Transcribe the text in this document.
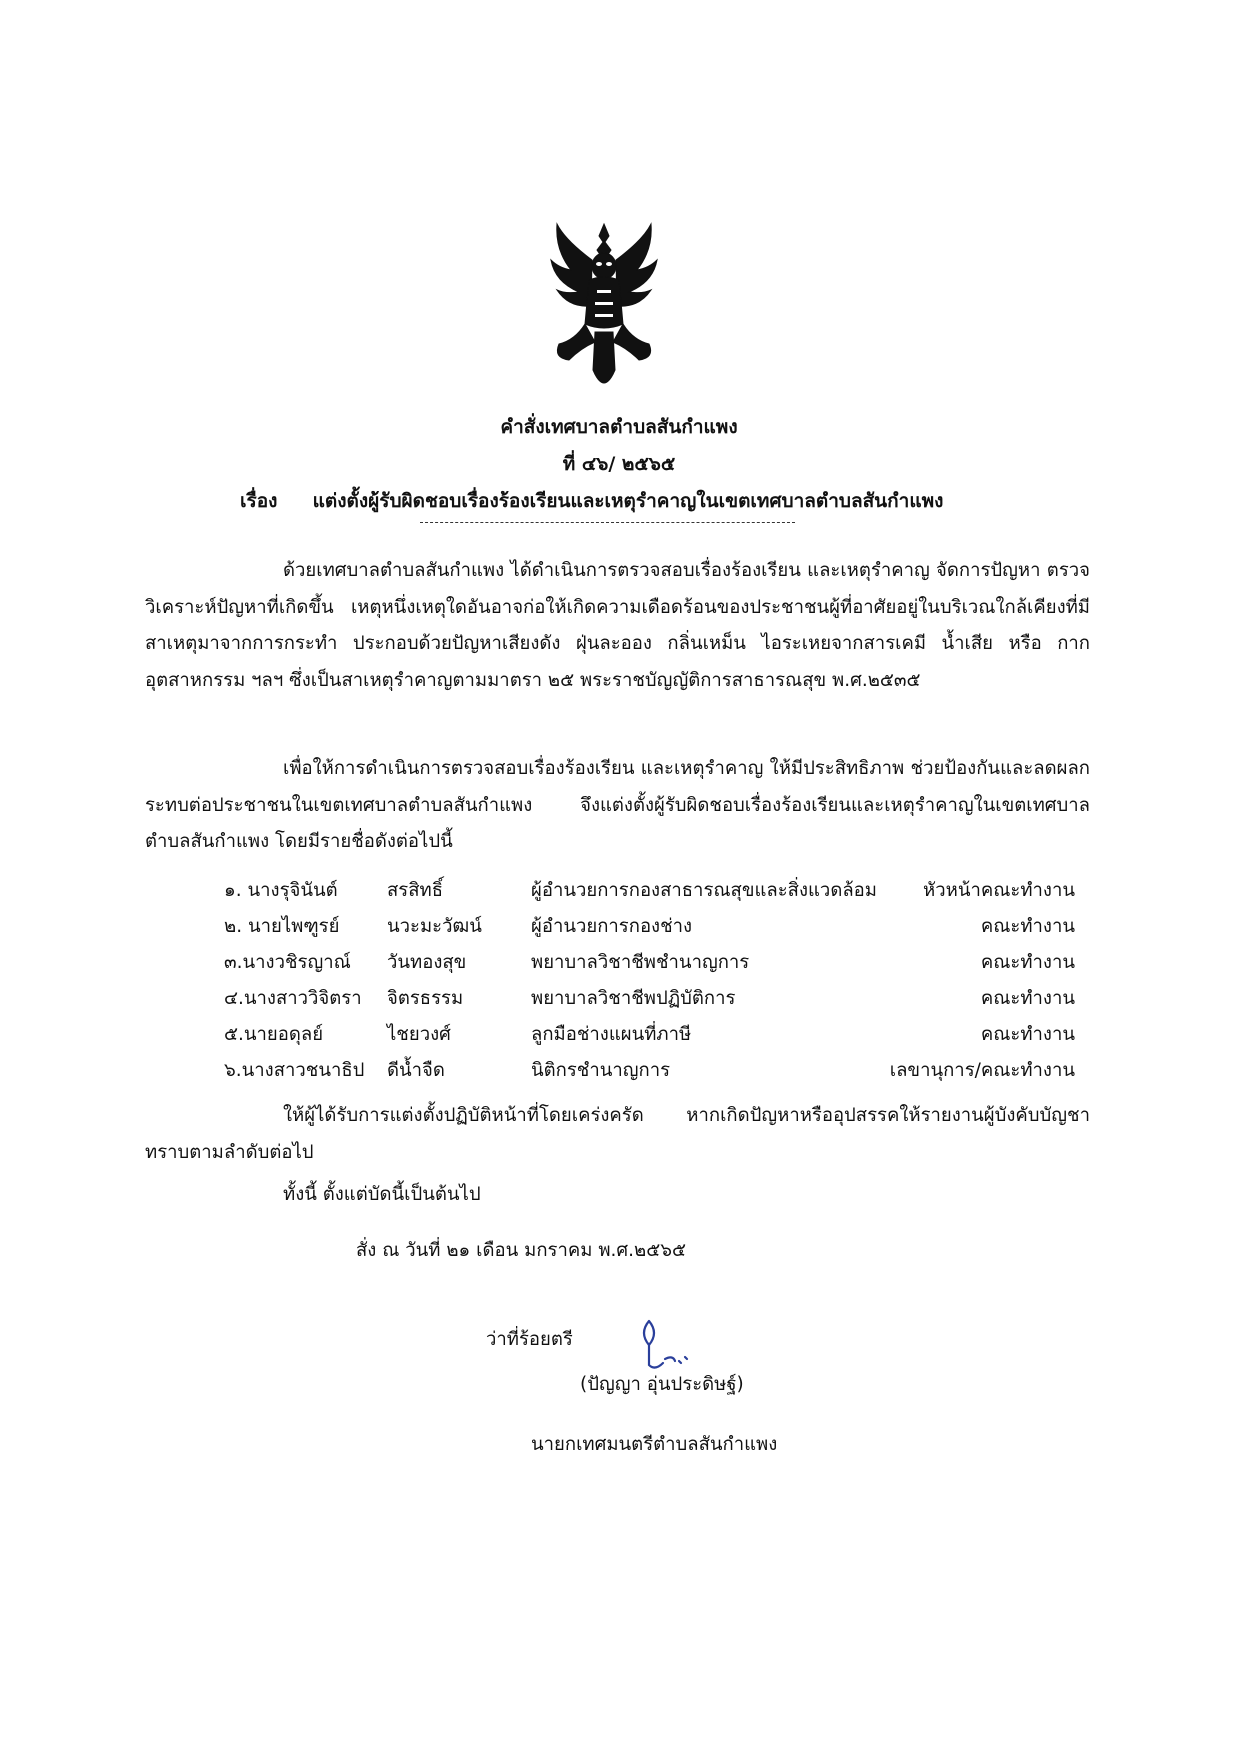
คำสั่งเทศบาลตำบลสันกำแพง
ที่ ๔๖/ ๒๕๖๕
เรื่อง แต่งตั้งผู้รับผิดชอบเรื่องร้องเรียนและเหตุรำคาญในเขตเทศบาลตำบลสันกำแพง
ด้วยเทศบาลตำบลสันกำแพง ได้ดำเนินการตรวจสอบเรื่องร้องเรียน และเหตุรำคาญ จัดการปัญหา ตรวจวิเคราะห์ปัญหาที่เกิดขึ้น เหตุหนึ่งเหตุใดอันอาจก่อให้เกิดความเดือดร้อนของประชาชนผู้ที่อาศัยอยู่ในบริเวณใกล้เคียงที่มีสาเหตุมาจากการกระทำ ประกอบด้วยปัญหาเสียงดัง ฝุ่นละออง กลิ่นเหม็น ไอระเหยจากสารเคมี น้ำเสีย หรือ กากอุตสาหกรรม ฯลฯ ซึ่งเป็นสาเหตุรำคาญตามมาตรา ๒๕ พระราชบัญญัติการสาธารณสุข พ.ศ.๒๕๓๕
เพื่อให้การดำเนินการตรวจสอบเรื่องร้องเรียน และเหตุรำคาญ ให้มีประสิทธิภาพ ช่วยป้องกันและลดผลกระทบต่อประชาชนในเขตเทศบาลตำบลสันกำแพง จึงแต่งตั้งผู้รับผิดชอบเรื่องร้องเรียนและเหตุรำคาญในเขตเทศบาลตำบลสันกำแพง โดยมีรายชื่อดังต่อไปนี้
๑. นางรุจินันต์	สรสิทธิ์	ผู้อำนวยการกองสาธารณสุขและสิ่งแวดล้อม	หัวหน้าคณะทำงาน
๒. นายไพฑูรย์	นวะมะวัฒน์	ผู้อำนวยการกองช่าง	คณะทำงาน
๓.นางวชิรญาณ์ วันทองสุข	พยาบาลวิชาชีพชำนาญการ	คณะทำงาน
๔.นางสาววิจิตรา จิตรธรรม	พยาบาลวิชาชีพปฏิบัติการ	คณะทำงาน
๕.นายอดุลย์	ไชยวงศ์	ลูกมือช่างแผนที่ภาษี	คณะทำงาน
๖.นางสาวชนาธิป ดีน้ำจืด	นิติกรชำนาญการ	เลขานุการ/คณะทำงาน
ให้ผู้ได้รับการแต่งตั้งปฏิบัติหน้าที่โดยเคร่งครัด หากเกิดปัญหาหรืออุปสรรคให้รายงานผู้บังคับบัญชาทราบตามลำดับต่อไป
ทั้งนี้ ตั้งแต่บัดนี้เป็นต้นไป
สั่ง ณ วันที่ ๒๑ เดือน มกราคม พ.ศ.๒๕๖๕
ว่าที่ร้อยตรี
(ปัญญา อุ่นประดิษฐ์)
นายกเทศมนตรีตำบลสันกำแพง
